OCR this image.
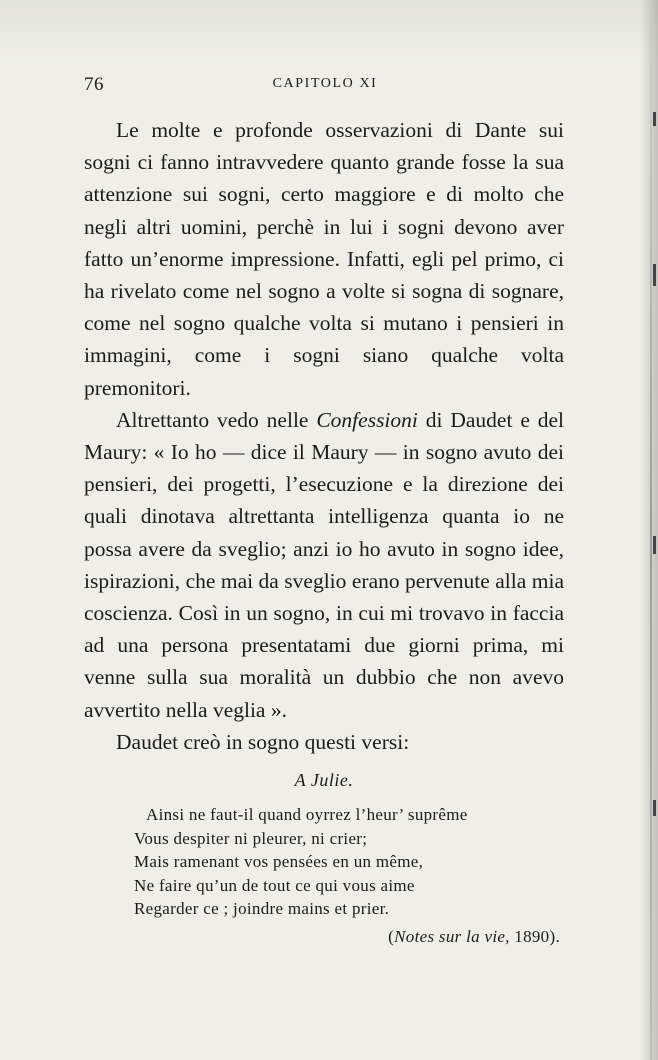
76	CAPITOLO XI

Le molte e profonde osservazioni di Dante sui sogni ci fanno intravvedere quanto grande fosse la sua attenzione sui sogni, certo maggiore e di molto che negli altri uomini, perchè in lui i sogni devono aver fatto un’enorme impressione. Infatti, egli pel primo, ci ha rivelato come nel sogno a volte si sogna di sognare, come nel sogno qualche volta si mutano i pensieri in immagini, come i sogni siano qualche volta premonitori.

Altrettanto vedo nelle Confessioni di Daudet e del Maury: « Io ho — dice il Maury — in sogno avuto dei pensieri, dei progetti, l’esecuzione e la direzione dei quali dinotava altrettanta intelligenza quanta io ne possa avere da sveglio; anzi io ho avuto in sogno idee, ispirazioni, che mai da sveglio erano pervenute alla mia coscienza. Così in un sogno, in cui mi trovavo in faccia ad una persona presentatami due giorni prima, mi venne sulla sua moralità un dubbio che non avevo avvertito nella veglia ».

Daudet creò in sogno questi versi:

A Julie.
Ainsi ne faut-il quand oyrrez l’heur’ suprême
Vous despiter ni pleurer, ni crier;
Mais ramenant vos pensées en un même,
Ne faire qu’un de tout ce qui vous aime
Regarder ce ; joindre mains et prier.
(Notes sur la vie, 1890).
